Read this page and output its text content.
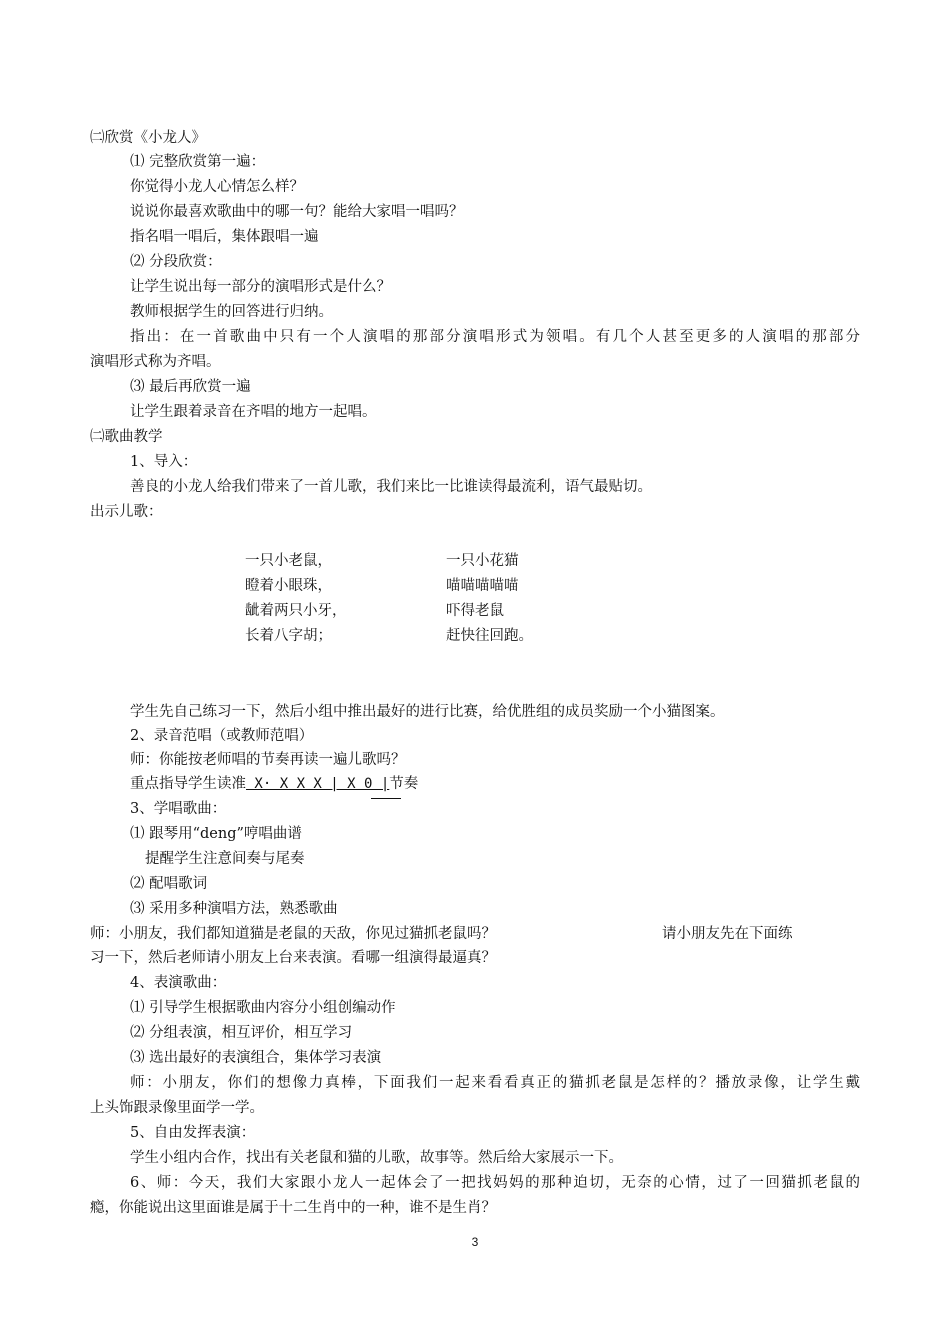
㈡欣赏《小龙人》
⑴ 完整欣赏第一遍：
你觉得小龙人心情怎么样？
说说你最喜欢歌曲中的哪一句？能给大家唱一唱吗？
指名唱一唱后，集体跟唱一遍
⑵ 分段欣赏：
让学生说出每一部分的演唱形式是什么？
教师根据学生的回答进行归纳。
指出：在一首歌曲中只有一个人演唱的那部分演唱形式为领唱。有几个人甚至更多的人演唱的那部分
演唱形式称为齐唱。
⑶ 最后再欣赏一遍
让学生跟着录音在齐唱的地方一起唱。
㈡歌曲教学
1、导入：
善良的小龙人给我们带来了一首儿歌，我们来比一比谁读得最流利，语气最贴切。
出示儿歌：
一只小老鼠，	一只小花猫
瞪着小眼珠，	喵喵喵喵喵
龇着两只小牙，	吓得老鼠
长着八字胡；	赶快往回跑。
学生先自己练习一下，然后小组中推出最好的进行比赛，给优胜组的成员奖励一个小猫图案。
2、录音范唱（或教师范唱）
师：你能按老师唱的节奏再读一遍儿歌吗？
重点指导学生读准 X· X X X | X 0 |节奏
3、学唱歌曲：
⑴ 跟琴用“deng”哼唱曲谱
提醒学生注意间奏与尾奏
⑵ 配唱歌词
⑶ 采用多种演唱方法，熟悉歌曲
师：小朋友，我们都知道猫是老鼠的天敌，你见过猫抓老鼠吗？	请小朋友先在下面练
习一下，然后老师请小朋友上台来表演。看哪一组演得最逼真？
4、表演歌曲：
⑴ 引导学生根据歌曲内容分小组创编动作
⑵ 分组表演，相互评价，相互学习
⑶ 选出最好的表演组合，集体学习表演
师：小朋友，你们的想像力真棒，下面我们一起来看看真正的猫抓老鼠是怎样的？播放录像，让学生戴
上头饰跟录像里面学一学。
5、自由发挥表演：
学生小组内合作，找出有关老鼠和猫的儿歌，故事等。然后给大家展示一下。
6、师：今天，我们大家跟小龙人一起体会了一把找妈妈的那种迫切，无奈的心情，过了一回猫抓老鼠的
瘾，你能说出这里面谁是属于十二生肖中的一种，谁不是生肖？
3
